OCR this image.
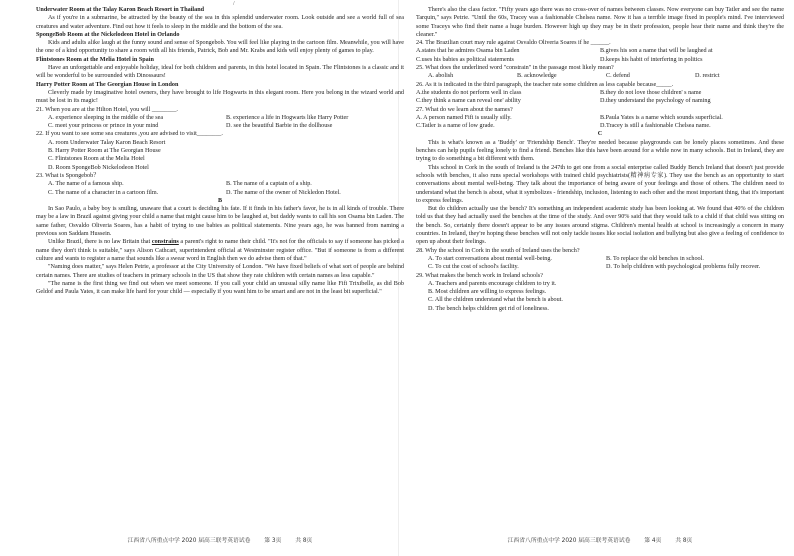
/

Underwater Room at the Talay Karon Beach Resort in Thailand

As if you're in a submarine, be attracted by the beauty of the sea in this splendid underwater room. Look outside and see a world full of sea creatures and water adventure. Find out how it feels to sleep in the middle and the bottom of the sea.

SpongeBob Room at the Nickelodeon Hotel in Orlando

Kids and adults alike laugh at the funny sound and sense of Spongebob. You will feel like playing in the cartoon film. Meanwhile, you will have the one of a kind opportunity to share a room with all his friends, Patrick, Bob and Mr. Krabs and kids will enjoy plenty of games to play.

Flintstones Room at the Melia Hotel in Spain

Have an unforgettable and enjoyable holiday, ideal for both children and parents, in this hotel located in Spain. The Flintstones is a classic and it will be wonderful to be surrounded with Dinossaurs!

Harry Potter Room at The Georgian House in London

Cleverly made by imaginative hotel owners, they have brought to life Hogwarts in this elegant room. Here you belong in the wizard world and must be lost in its magic!

21. When you are at the Hilton Hotel, you will ________.

A. experience sleeping in the middle of the sea	B. experience a life in Hogwarts like Harry Potter
C. meet your princess or prince in your mind	D. see the beautiful Barbie in the dollhouse

22. If you want to see some sea creatures ,you are advised to visit________.

A. room Underwater Talay Karon Beach Resort

B. Harry Potter Room at The Georgian House

C. Flintstones Room at the Melia Hotel

D. Room SpongeBob Nickelodeon Hotel

23. What is Spongebob？

A. The name of a famous ship.	B. The name of a captain of a ship.
C. The name of a character in a cartoon film.	D. The name of the owner of Nickledon Hotel.

B

In Sao Paulo, a baby boy is smiling, unaware that a court is deciding his fate. If it finds in his father's favor, he is in all kinds of trouble. There may be a law in Brazil against giving your child a name that might cause him to be laughed at, but daddy wants to call his son Osama bin Laden. The same father, Osvaldo Oliveria Soares, has a habit of trying to use babies as political statements. Nine years ago, he was banned from naming a previous son Saddam Hussein.

Unlike Brazil, there is no law Britain that constrains a parent's right to name their child. "It's not for the officials to say if someone has picked a name they don't think is suitable," says Alison Cathcart, superintendent official at Westminster register office. "But if someone is from a different culture and wants to register a name that sounds like a swear word in English then we do advise them of that."

"Naming does matter," says Helen Petrie, a professor at the City University of London. "We have fixed beliefs of what sort of people are behind certain names. There are studies of teachers in primary schools in the US that show they rate children with certain names as less capable."

"The name is the first thing we find out when we meet someone. If you call your child an unusual silly name like Fifi Trixibelle, as did Bob Geldof and Paula Yates, it can make life hard for your child — especially if you want him to be smart and are not in the least bit superficial."

江西省八所重点中学 2020 届高三联考英语试卷 第 3页 共 8页

There's also the class factor. "Fifty years ago there was no cross-over of names between classes. Now everyone can buy Tatler and see the name Tarquin," says Petrie. "Until the 60s, Tracey was a fashionable Chelsea name. Now it has a terrible image fixed in people's mind. I've interviewed some Traceys who find their name a huge burden. However high up they may be in their profession, people hear their name and think they're the cleaner."

24. The Brazilian court may rule against Osvaldo Oliveria Soares if he ______.

A.states that he admires Osama bin Laden	B.gives his son a name that will be laughed at
C.uses his babies as political statements	D.keeps his habit of interfering in politics

25. What does the underlined word "constrain" in the passage most likely mean?

A. abolish	B. acknowledge	C. defend	D. restrict

26. As it is indicated in the third paragraph, the teacher rate some children as less capable because_____.

A.the students do not perform well in class	B.they do not love those children' s name
C.they think a name can reveal one' ability	D.they understand the psychology of naming

27. What do we learn about the names?

A. A person named Fifi is usually silly.	B.Paula Yates is a name which sounds superficial.
C.Tatler is a name of low grade.	D.Tracey is still a fashionable Chelsea name.

C

This is what's known as a 'Buddy' or 'Friendship Bench'. They're needed because playgrounds can be lonely places sometimes. And these benches can help pupils feeling lonely to find a friend. Benches like this have been around for a while now in many schools. But in Ireland, they are trying to do something a bit different with them.

This school in Cork in the south of Ireland is the 247th to get one from a social enterprise called Buddy Bench Ireland that doesn't just provide schools with benches, it also runs special workshops with trained child psychiatrists(精神病专家). They use the bench as an opportunity to start conversations about mental well-being. They talk about the importance of being aware of your feelings and those of others. The children need to understand what the bench is about, what it symbolizes - friendship, inclusion, listening to each other and the most important thing, that it's important to express feelings.

But do children actually use the bench? It's something an independent academic study has been looking at. We found that 40% of the children told us that they had actually used the benches at the time of the study. And over 90% said that they would talk to a child if that child was sitting on the bench. So, certainly there doesn't appear to be any issues around stigma. Children's mental health at school is increasingly a concern in many countries. In Ireland, they're hoping these benches will not only tackle issues like social isolation and bullying but also give a feeling of confidence to open up about their feelings.

28. Why the school in Cork in the south of Ireland uses the bench?

A. To start conversations about mental well-being.	B. To replace the old benches in school.
C. To cut the cost of school's facility.	D. To help children with psychological problems fully recover.

29. What makes the bench work in Ireland schools?

A. Teachers and parents encourage children to try it.

B. Most children are willing to express feelings.

C. All the children understand what the bench is about.

D. The bench helps children get rid of loneliness.

江西省八所重点中学 2020 届高三联考英语试卷 第 4页 共 8页
